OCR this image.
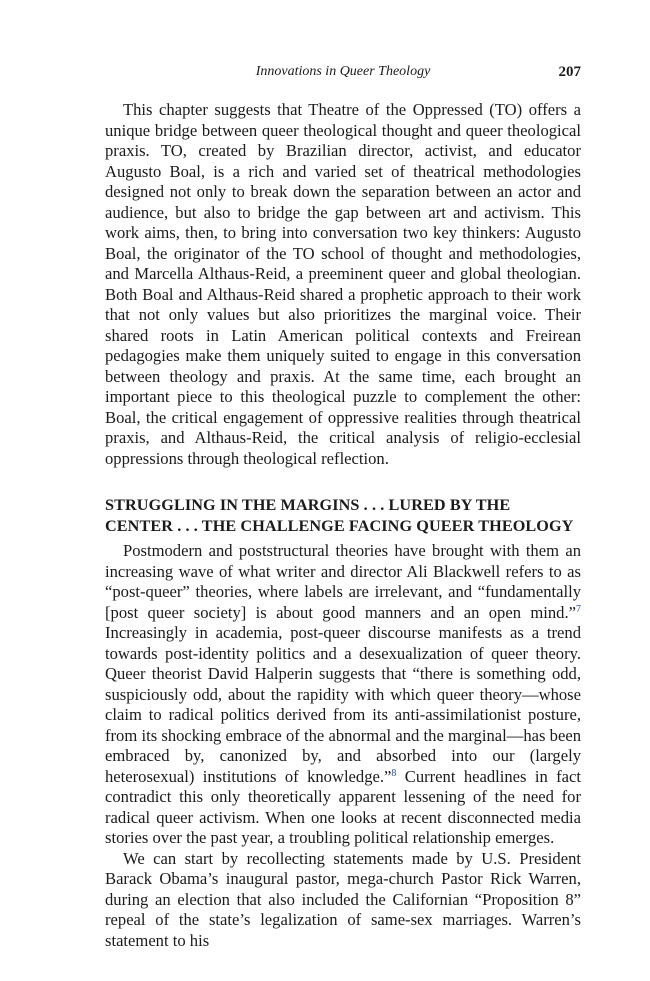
Innovations in Queer Theology	207

This chapter suggests that Theatre of the Oppressed (TO) offers a unique bridge between queer theological thought and queer theological praxis. TO, created by Brazilian director, activist, and educator Augusto Boal, is a rich and varied set of theatrical methodologies designed not only to break down the separation between an actor and audience, but also to bridge the gap between art and activism. This work aims, then, to bring into conversation two key thinkers: Augusto Boal, the originator of the TO school of thought and methodologies, and Marcella Althaus-Reid, a preeminent queer and global theologian. Both Boal and Althaus-Reid shared a prophetic approach to their work that not only values but also prioritizes the marginal voice. Their shared roots in Latin American political contexts and Freirean pedagogies make them uniquely suited to engage in this conversation between theology and praxis. At the same time, each brought an important piece to this theological puzzle to complement the other: Boal, the critical engagement of oppressive realities through theatrical praxis, and Althaus-Reid, the critical analysis of religio-ecclesial oppressions through theological reflection.

STRUGGLING IN THE MARGINS . . . LURED BY THE
CENTER . . . THE CHALLENGE FACING QUEER THEOLOGY

Postmodern and poststructural theories have brought with them an increasing wave of what writer and director Ali Blackwell refers to as “post-queer” theories, where labels are irrelevant, and “fundamentally [post queer society] is about good manners and an open mind.”$^7$ Increasingly in academia, post-queer discourse manifests as a trend towards post-identity politics and a desexualization of queer theory. Queer theorist David Halperin suggests that “there is something odd, suspiciously odd, about the rapidity with which queer theory—whose claim to radical politics derived from its anti-assimilationist posture, from its shocking embrace of the abnormal and the marginal—has been embraced by, canonized by, and absorbed into our (largely heterosexual) institutions of knowledge.”$^8$ Current headlines in fact contradict this only theoretically apparent lessening of the need for radical queer activism. When one looks at recent disconnected media stories over the past year, a troubling political relationship emerges.

We can start by recollecting statements made by U.S. President Barack Obama’s inaugural pastor, mega-church Pastor Rick Warren, during an election that also included the Californian “Proposition 8” repeal of the state’s legalization of same-sex marriages. Warren’s statement to his
